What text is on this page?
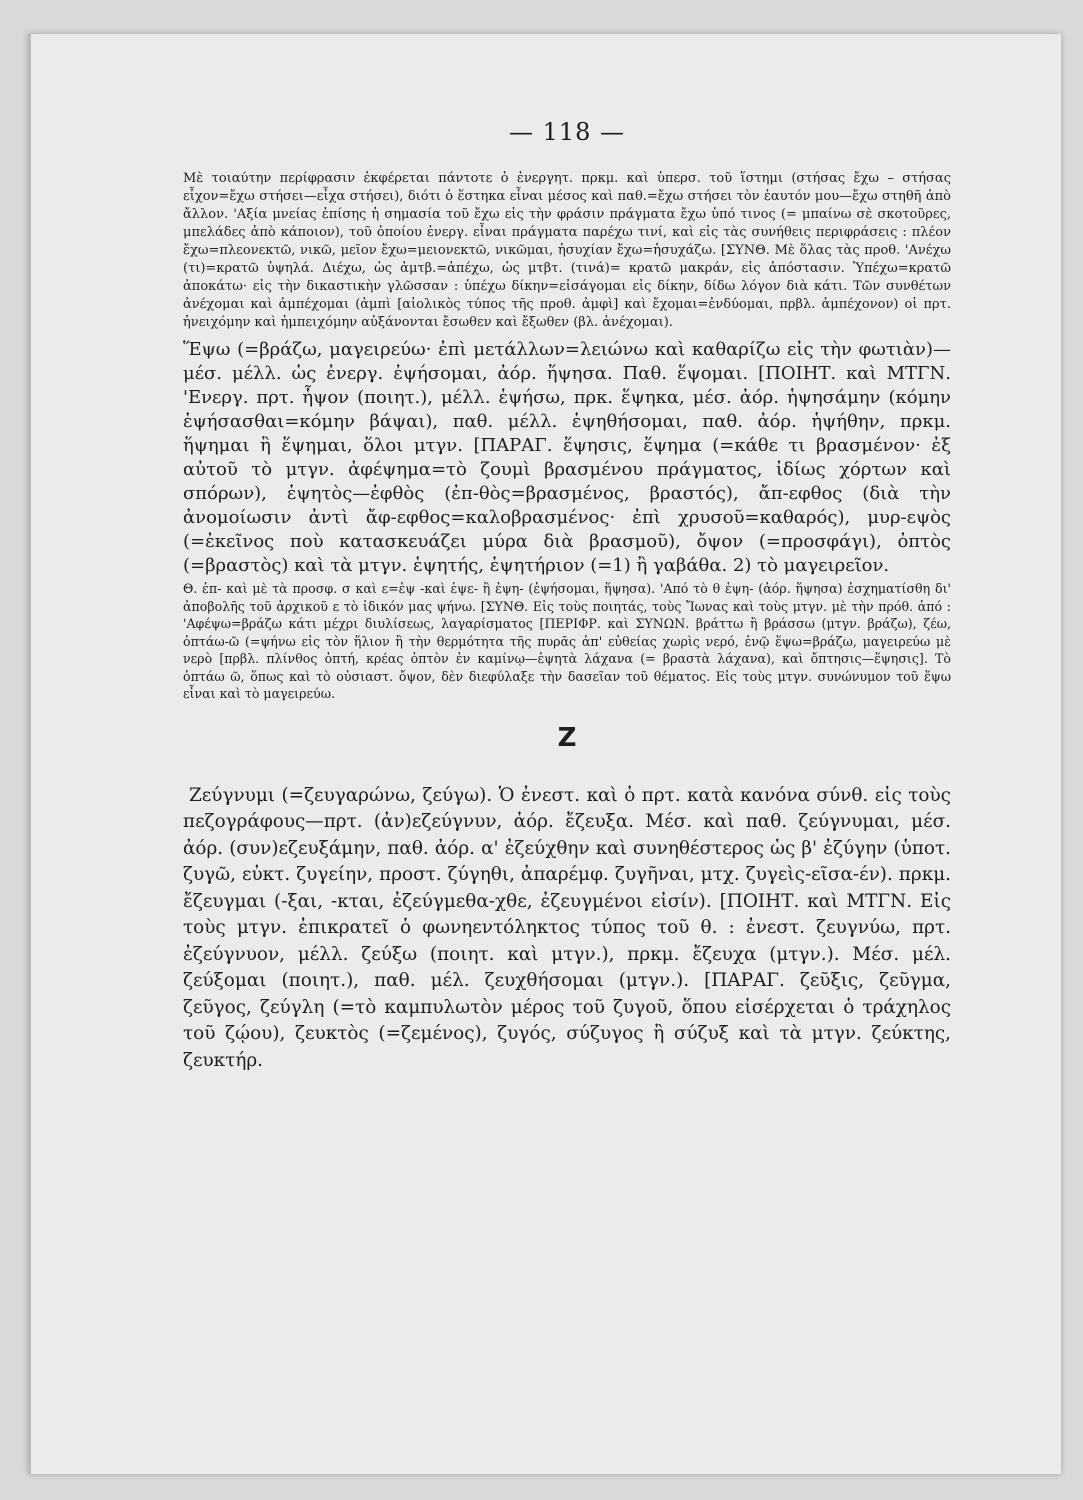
— 118 —

Μὲ τοιαύτην περίφρασιν ἐκφέρεται πάντοτε ὁ ἐνεργητ. πρκμ. καὶ ὑπερσ. τοῦ ἵστημι (στήσας ἔχω – στήσας εἶχον=ἔχω στήσει—εἶχα στήσει), διότι ὁ ἕστηκα εἶναι μέσος καὶ παθ.=ἔχω στήσει τὸν ἑαυτόν μου—ἔχω στηθῆ ἀπὸ ἄλλον. 'Αξία μνείας ἐπίσης ἡ σημασία τοῦ ἔχω εἰς τὴν φράσιν πράγματα ἔχω ὑπό τινος (= μπαίνω σὲ σκοτοῦρες, μπελάδες ἀπὸ κάποιον), τοῦ ὁποίου ἐνεργ. εἶναι πράγματα παρέχω τινί, καὶ εἰς τὰς συνήθεις περιφράσεις : πλέον ἔχω=πλεονεκτῶ, νικῶ, μεῖον ἔχω=μειονεκτῶ, νικῶμαι, ἡσυχίαν ἔχω=ἡσυχάζω. [ΣΥΝΘ. Μὲ ὅλας τὰς προθ. 'Ανέχω (τι)=κρατῶ ὑψηλά. Διέχω, ὡς ἀμτβ.=ἀπέχω, ὡς μτβτ. (τινά)= κρατῶ μακράν, εἰς ἀπόστασιν. Ὑπέχω=κρατῶ ἀποκάτω· εἰς τὴν δικαστικὴν γλῶσσαν : ὑπέχω δίκην=εἰσάγομαι εἰς δίκην, δίδω λόγον διὰ κάτι. Τῶν συνθέτων ἀνέχομαι καὶ ἀμπέχομαι (ἀμπὶ [αἰολικὸς τύπος τῆς προθ. ἀμφὶ] καὶ ἔχομαι=ἐνδύομαι, πρβλ. ἀμπέχονον) οἱ πρτ. ἠνειχόμην καὶ ἠμπειχόμην αὐξάνονται ἔσωθεν καὶ ἔξωθεν (βλ. ἀνέχομαι).

Ἕψω (=βράζω, μαγειρεύω· ἐπὶ μετάλλων=λειώνω καὶ καθαρίζω εἰς τὴν φωτιὰν)—μέσ. μέλλ. ὡς ἐνεργ. ἐψήσομαι, ἀόρ. ἥψησα. Παθ. ἕψομαι. [ΠΟΙΗΤ. καὶ ΜΤΓΝ. 'Ενεργ. πρτ. ἧψον (ποιητ.), μέλλ. ἑψήσω, πρκ. ἕψηκα, μέσ. ἀόρ. ἡψησάμην (κόμην ἑψήσασθαι=κόμην βάψαι), παθ. μέλλ. ἑψηθήσομαι, παθ. ἀόρ. ἡψήθην, πρκμ. ἥψημαι ἢ ἕψημαι, ὅλοι μτγν. [ΠΑΡΑΓ. ἕψησις, ἕψημα (=κάθε τι βρασμένον· ἐξ αὐτοῦ τὸ μτγν. ἀφέψημα=τὸ ζουμὶ βρασμένου πράγματος, ἰδίως χόρτων καὶ σπόρων), ἑψητὸς—ἐφθὸς (ἐπ-θὸς=βρασμένος, βραστός), ἄπ-εφθος (διὰ τὴν ἀνομοίωσιν ἀντὶ ἄφ-εφθος=καλοβρασμένος· ἐπὶ χρυσοῦ=καθαρός), μυρ-εψὸς (=ἐκεῖνος ποὺ κατασκευάζει μύρα διὰ βρασμοῦ), ὄψον (=προσφάγι), ὀπτὸς (=βραστὸς) καὶ τὰ μτγν. ἑψητής, ἑψητήριον (=1) ἢ γαβάθα. 2) τὸ μαγειρεῖον.

Θ. ἐπ- καὶ μὲ τὰ προσφ. σ καὶ ε=ἑψ -καὶ ἑψε- ἢ ἑψη- (ἑψήσομαι, ἥψησα). 'Από τὸ θ ἑψη- (ἀόρ. ἥψησα) ἐσχηματίσθη δι' ἀποβολῆς τοῦ ἀρχικοῦ ε τὸ ἰδικόν μας ψήνω. [ΣΥΝΘ. Εἰς τοὺς ποιητάς, τοὺς Ἴωνας καὶ τοὺς μτγν. μὲ τὴν πρόθ. ἀπό : 'Αφέψω=βράζω κάτι μέχρι διυλίσεως, λαγαρίσματος [ΠΕΡΙΦΡ. καὶ ΣΥΝΩΝ. βράττω ἢ βράσσω (μτγν. βράζω), ζέω, ὀπτάω-ῶ (=ψήνω εἰς τὸν ἥλιον ἢ τὴν θερμότητα τῆς πυρᾶς ἀπ' εὐθείας χωρὶς νερό, ἐνῷ ἕψω=βράζω, μαγειρεύω μὲ νερὸ [πρβλ. πλίνθος ὀπτή, κρέας ὀπτὸν ἐν καμίνῳ—ἑψητὰ λάχανα (= βραστὰ λάχανα), καὶ ὄπτησις—ἕψησις]. Τὸ ὀπτάω ῶ, ὅπως καὶ τὸ οὐσιαστ. ὄψον, δὲν διεφύλαξε τὴν δασεῖαν τοῦ θέματος. Εἰς τοὺς μτγν. συνώνυμον τοῦ ἕψω εἶναι καὶ τὸ μαγειρεύω.

Ζ

Ζεύγνυμι (=ζευγαρώνω, ζεύγω). Ὁ ἐνεστ. καὶ ὁ πρτ. κατὰ κανόνα σύνθ. εἰς τοὺς πεζογράφους—πρτ. (ἀν)εζεύγνυν, ἀόρ. ἔζευξα. Μέσ. καὶ παθ. ζεύγνυμαι, μέσ. ἀόρ. (συν)εζευξάμην, παθ. ἀόρ. α' ἐζεύχθην καὶ συνηθέστερος ὡς β' ἐζύγην (ὑποτ. ζυγῶ, εὐκτ. ζυγείην, προστ. ζύγηθι, ἀπαρέμφ. ζυγῆναι, μτχ. ζυγεὶς-εῖσα-έν). πρκμ. ἔζευγμαι (-ξαι, -κται, ἐζεύγμεθα-χθε, ἐζευγμένοι εἰσίν). [ΠΟΙΗΤ. καὶ ΜΤΓΝ. Εἰς τοὺς μτγν. ἐπικρατεῖ ὁ φωνηεντόληκτος τύπος τοῦ θ. : ἐνεστ. ζευγνύω, πρτ. ἐζεύγνυον, μέλλ. ζεύξω (ποιητ. καὶ μτγν.), πρκμ. ἔζευχα (μτγν.). Μέσ. μέλ. ζεύξομαι (ποιητ.), παθ. μέλ. ζευχθήσομαι (μτγν.). [ΠΑΡΑΓ. ζεῦξις, ζεῦγμα, ζεῦγος, ζεύγλη (=τὸ καμπυλωτὸν μέρος τοῦ ζυγοῦ, ὅπου εἰσέρχεται ὁ τράχηλος τοῦ ζῴου), ζευκτὸς (=ζεμένος), ζυγός, σύζυγος ἢ σύζυξ καὶ τὰ μτγν. ζεύκτης, ζευκτήρ.
